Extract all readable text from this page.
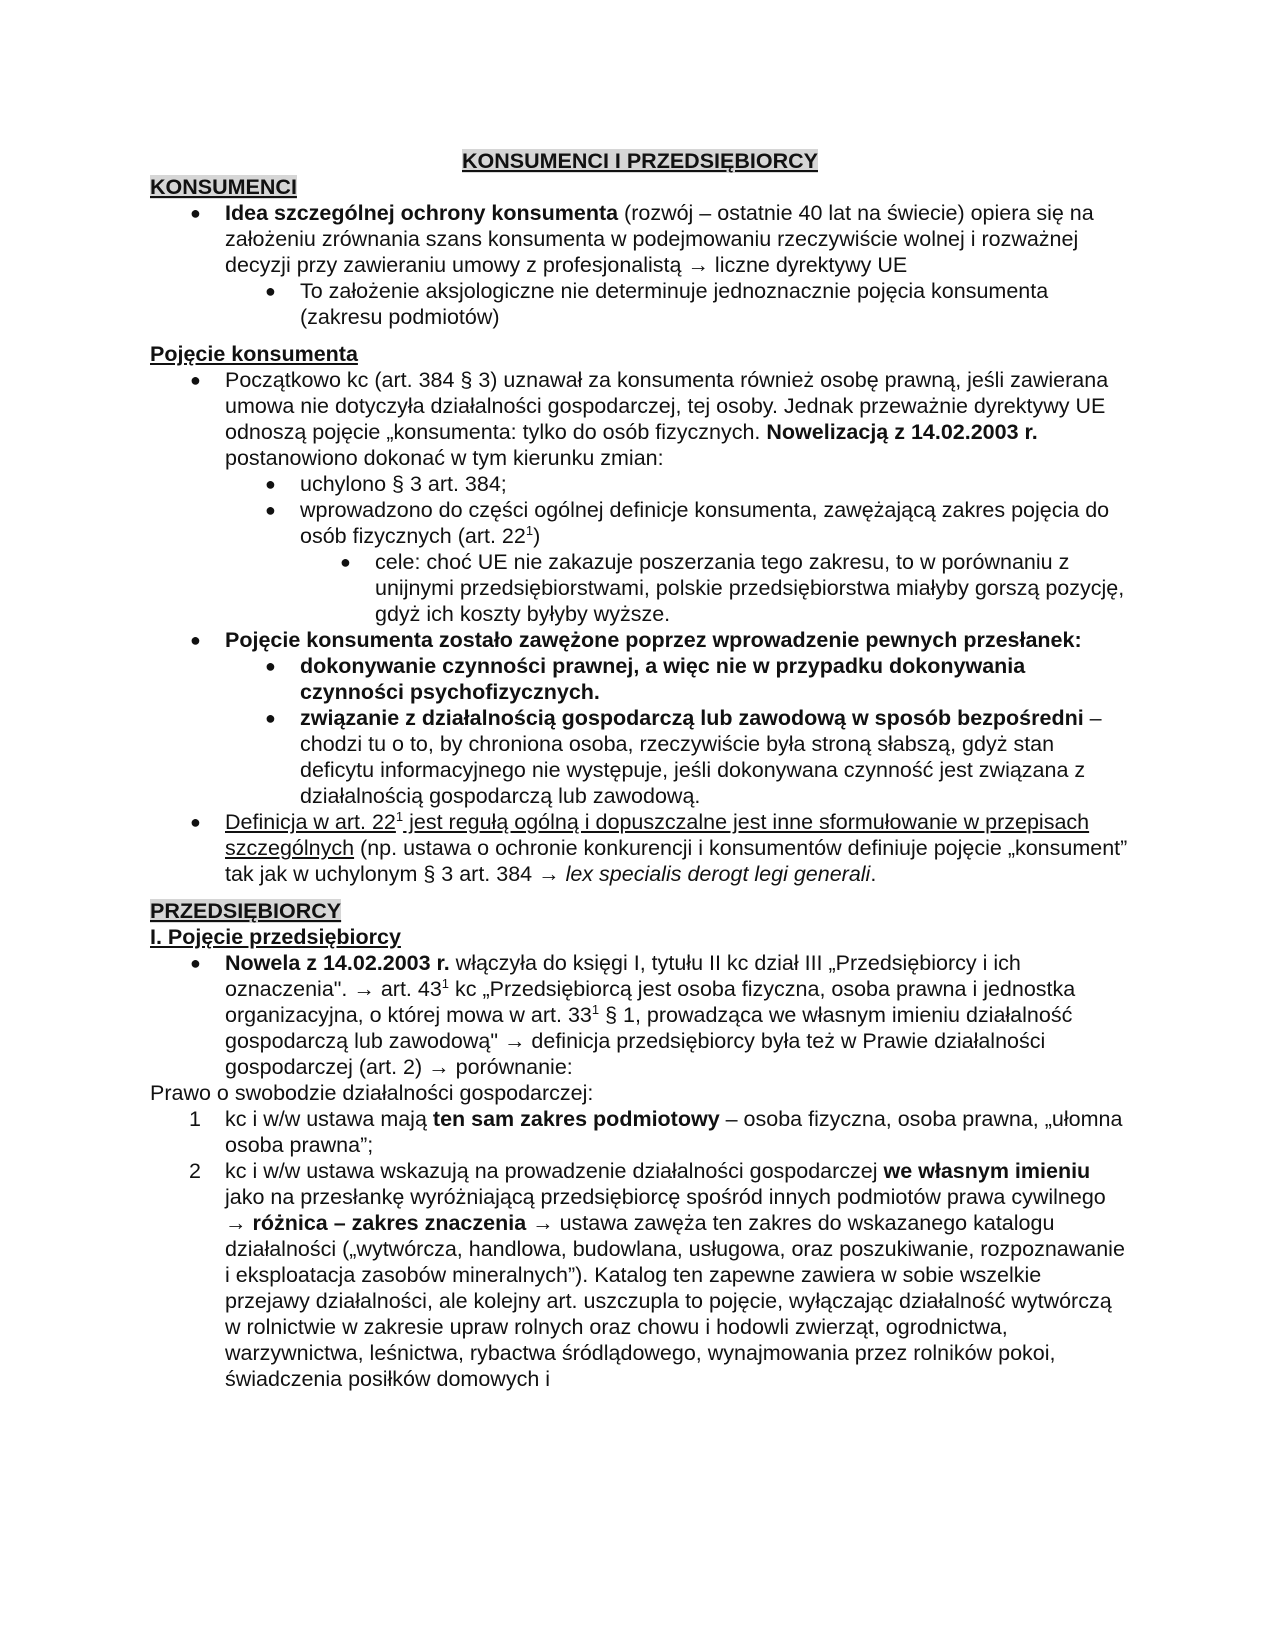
KONSUMENCI I PRZEDSIĘBIORCY

KONSUMENCI

● Idea szczególnej ochrony konsumenta (rozwój – ostatnie 40 lat na świecie) opiera się na założeniu zrównania szans konsumenta w podejmowaniu rzeczywiście wolnej i rozważnej decyzji przy zawieraniu umowy z profesjonalistą → liczne dyrektywy UE
● To założenie aksjologiczne nie determinuje jednoznacznie pojęcia konsumenta (zakresu podmiotów)

Pojęcie konsumenta

● Początkowo kc (art. 384 § 3) uznawał za konsumenta również osobę prawną, jeśli zawierana umowa nie dotyczyła działalności gospodarczej, tej osoby. Jednak przeważnie dyrektywy UE odnoszą pojęcie „konsumenta: tylko do osób fizycznych. Nowelizacją z 14.02.2003 r. postanowiono dokonać w tym kierunku zmian:
● uchylono § 3 art. 384;
● wprowadzono do części ogólnej definicje konsumenta, zawężającą zakres pojęcia do osób fizycznych (art. $22^1$)
● cele: choć UE nie zakazuje poszerzania tego zakresu, to w porównaniu z unijnymi przedsiębiorstwami, polskie przedsiębiorstwa miałyby gorszą pozycję, gdyż ich koszty byłyby wyższe.
● Pojęcie konsumenta zostało zawężone poprzez wprowadzenie pewnych przesłanek:
● dokonywanie czynności prawnej, a więc nie w przypadku dokonywania czynności psychofizycznych.
● związanie z działalnością gospodarczą lub zawodową w sposób bezpośredni – chodzi tu o to, by chroniona osoba, rzeczywiście była stroną słabszą, gdyż stan deficytu informacyjnego nie występuje, jeśli dokonywana czynność jest związana z działalnością gospodarczą lub zawodową.
● Definicja w art. $22^1$ jest regułą ogólną i dopuszczalne jest inne sformułowanie w przepisach szczególnych (np. ustawa o ochronie konkurencji i konsumentów definiuje pojęcie „konsument” tak jak w uchylonym § 3 art. 384 → lex specialis derogt legi generali.

PRZEDSIĘBIORCY

I. Pojęcie przedsiębiorcy

● Nowela z 14.02.2003 r. włączyła do księgi I, tytułu II kc dział III „Przedsiębiorcy i ich oznaczenia". → art. $43^1$ kc „Przedsiębiorcą jest osoba fizyczna, osoba prawna i jednostka organizacyjna, o której mowa w art. $33^1$ § 1, prowadząca we własnym imieniu działalność gospodarczą lub zawodową" → definicja przedsiębiorcy była też w Prawie działalności gospodarczej (art. 2) → porównanie:

Prawo o swobodzie działalności gospodarczej:

1 kc i w/w ustawa mają ten sam zakres podmiotowy – osoba fizyczna, osoba prawna, „ułomna osoba prawna”;
2 kc i w/w ustawa wskazują na prowadzenie działalności gospodarczej we własnym imieniu jako na przesłankę wyróżniającą przedsiębiorcę spośród innych podmiotów prawa cywilnego → różnica – zakres znaczenia → ustawa zawęża ten zakres do wskazanego katalogu działalności („wytwórcza, handlowa, budowlana, usługowa, oraz poszukiwanie, rozpoznawanie i eksploatacja zasobów mineralnych”). Katalog ten zapewne zawiera w sobie wszelkie przejawy działalności, ale kolejny art. uszczupla to pojęcie, wyłączając działalność wytwórczą w rolnictwie w zakresie upraw rolnych oraz chowu i hodowli zwierząt, ogrodnictwa, warzywnictwa, leśnictwa, rybactwa śródlądowego, wynajmowania przez rolników pokoi, świadczenia posiłków domowych i
